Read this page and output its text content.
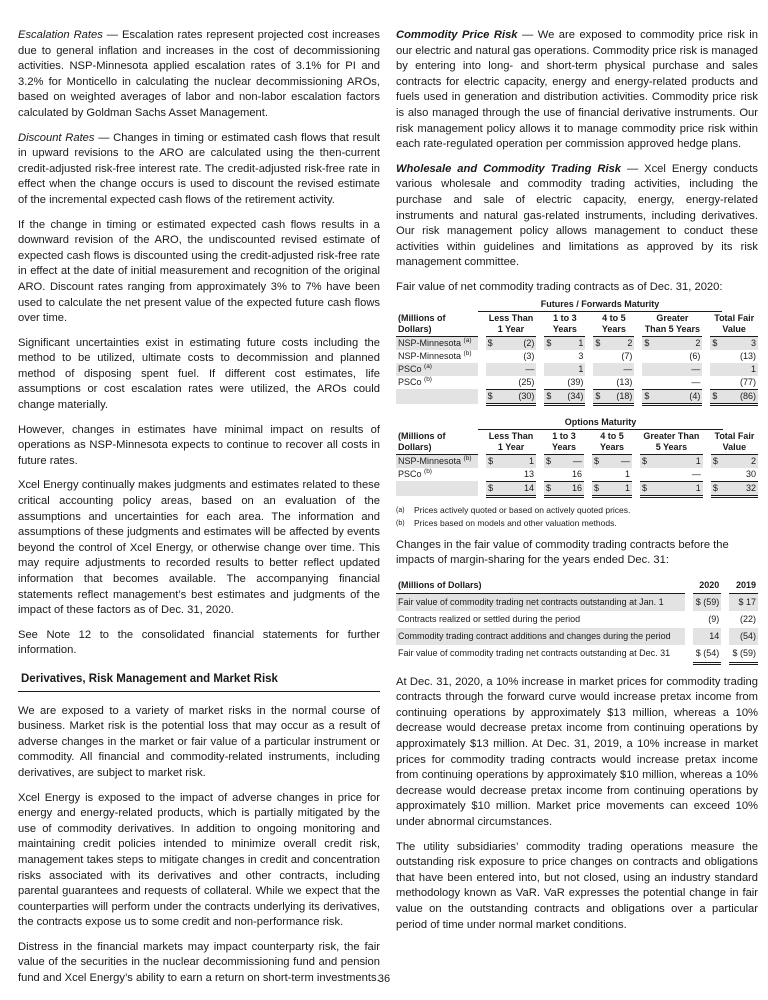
Escalation Rates — Escalation rates represent projected cost increases due to general inflation and increases in the cost of decommissioning activities. NSP-Minnesota applied escalation rates of 3.1% for PI and 3.2% for Monticello in calculating the nuclear decommissioning AROs, based on weighted averages of labor and non-labor escalation factors calculated by Goldman Sachs Asset Management.

Discount Rates — Changes in timing or estimated cash flows that result in upward revisions to the ARO are calculated using the then-current credit-adjusted risk-free interest rate. The credit-adjusted risk-free rate in effect when the change occurs is used to discount the revised estimate of the incremental expected cash flows of the retirement activity.

If the change in timing or estimated expected cash flows results in a downward revision of the ARO, the undiscounted revised estimate of expected cash flows is discounted using the credit-adjusted risk-free rate in effect at the date of initial measurement and recognition of the original ARO. Discount rates ranging from approximately 3% to 7% have been used to calculate the net present value of the expected future cash flows over time.

Significant uncertainties exist in estimating future costs including the method to be utilized, ultimate costs to decommission and planned method of disposing spent fuel. If different cost estimates, life assumptions or cost escalation rates were utilized, the AROs could change materially.

However, changes in estimates have minimal impact on results of operations as NSP-Minnesota expects to continue to recover all costs in future rates.

Xcel Energy continually makes judgments and estimates related to these critical accounting policy areas, based on an evaluation of the assumptions and uncertainties for each area. The information and assumptions of these judgments and estimates will be affected by events beyond the control of Xcel Energy, or otherwise change over time. This may require adjustments to recorded results to better reflect updated information that becomes available. The accompanying financial statements reflect management’s best estimates and judgments of the impact of these factors as of Dec. 31, 2020.

See Note 12 to the consolidated financial statements for further information.

Derivatives, Risk Management and Market Risk

We are exposed to a variety of market risks in the normal course of business. Market risk is the potential loss that may occur as a result of adverse changes in the market or fair value of a particular instrument or commodity. All financial and commodity-related instruments, including derivatives, are subject to market risk.

Xcel Energy is exposed to the impact of adverse changes in price for energy and energy-related products, which is partially mitigated by the use of commodity derivatives. In addition to ongoing monitoring and maintaining credit policies intended to minimize overall credit risk, management takes steps to mitigate changes in credit and concentration risks associated with its derivatives and other contracts, including parental guarantees and requests of collateral. While we expect that the counterparties will perform under the contracts underlying its derivatives, the contracts expose us to some credit and non-performance risk.

Distress in the financial markets may impact counterparty risk, the fair value of the securities in the nuclear decommissioning fund and pension fund and Xcel Energy’s ability to earn a return on short-term investments.

Commodity Price Risk — We are exposed to commodity price risk in our electric and natural gas operations. Commodity price risk is managed by entering into long- and short-term physical purchase and sales contracts for electric capacity, energy and energy-related products and fuels used in generation and distribution activities. Commodity price risk is also managed through the use of financial derivative instruments. Our risk management policy allows it to manage commodity price risk within each rate-regulated operation per commission approved hedge plans.

Wholesale and Commodity Trading Risk — Xcel Energy conducts various wholesale and commodity trading activities, including the purchase and sale of electric capacity, energy, energy-related instruments and natural gas-related instruments, including derivatives. Our risk management policy allows management to conduct these activities within guidelines and limitations as approved by its risk management committee.

Fair value of net commodity trading contracts as of Dec. 31, 2020:

	Futures / Forwards Maturity														
(Millions of Dollars)		Less Than 1 Year			1 to 3 Years			4 to 5 Years			Greater Than 5 Years			Total Fair Value	
NSP-Minnesota $^{(a)}$		$	(2)		$	1		$	2		$	2		$	3
NSP-Minnesota $^{(b)}$			(3)			3			(7)			(6)			(13)
PSCo $^{(a)}$			—			1			—			—			1
PSCo $^{(b)}$			(25)			(39)			(13)			—			(77)
		$	(30)		$	(34)		$	(18)		$	(4)		$	(86)
	Options Maturity														
(Millions of Dollars)		Less Than 1 Year			1 to 3 Years			4 to 5 Years			Greater Than 5 Years			Total Fair Value	
NSP-Minnesota $^{(b)}$		$	1		$	—		$	—		$	1		$	2
PSCo $^{(b)}$			13			16			1			—			30
		$	14		$	16		$	1		$	1		$	32
(a)	Prices actively quoted or based on actively quoted prices.
(b)	Prices based on models and other valuation methods.

Changes in the fair value of commodity trading contracts before the impacts of margin-sharing for the years ended Dec. 31:

(Millions of Dollars)		2020		2019
Fair value of commodity trading net contracts outstanding at Jan. 1		$ (59)		$ 17
Contracts realized or settled during the period		(9)		(22)
Commodity trading contract additions and changes during the period		14		(54)
Fair value of commodity trading net contracts outstanding at Dec. 31		$ (54)		$ (59)

At Dec. 31, 2020, a 10% increase in market prices for commodity trading contracts through the forward curve would increase pretax income from continuing operations by approximately $13 million, whereas a 10% decrease would decrease pretax income from continuing operations by approximately $13 million. At Dec. 31, 2019, a 10% increase in market prices for commodity trading contracts would increase pretax income from continuing operations by approximately $10 million, whereas a 10% decrease would decrease pretax income from continuing operations by approximately $10 million. Market price movements can exceed 10% under abnormal circumstances.

The utility subsidiaries’ commodity trading operations measure the outstanding risk exposure to price changes on contracts and obligations that have been entered into, but not closed, using an industry standard methodology known as VaR. VaR expresses the potential change in fair value on the outstanding contracts and obligations over a particular period of time under normal market conditions.

36
